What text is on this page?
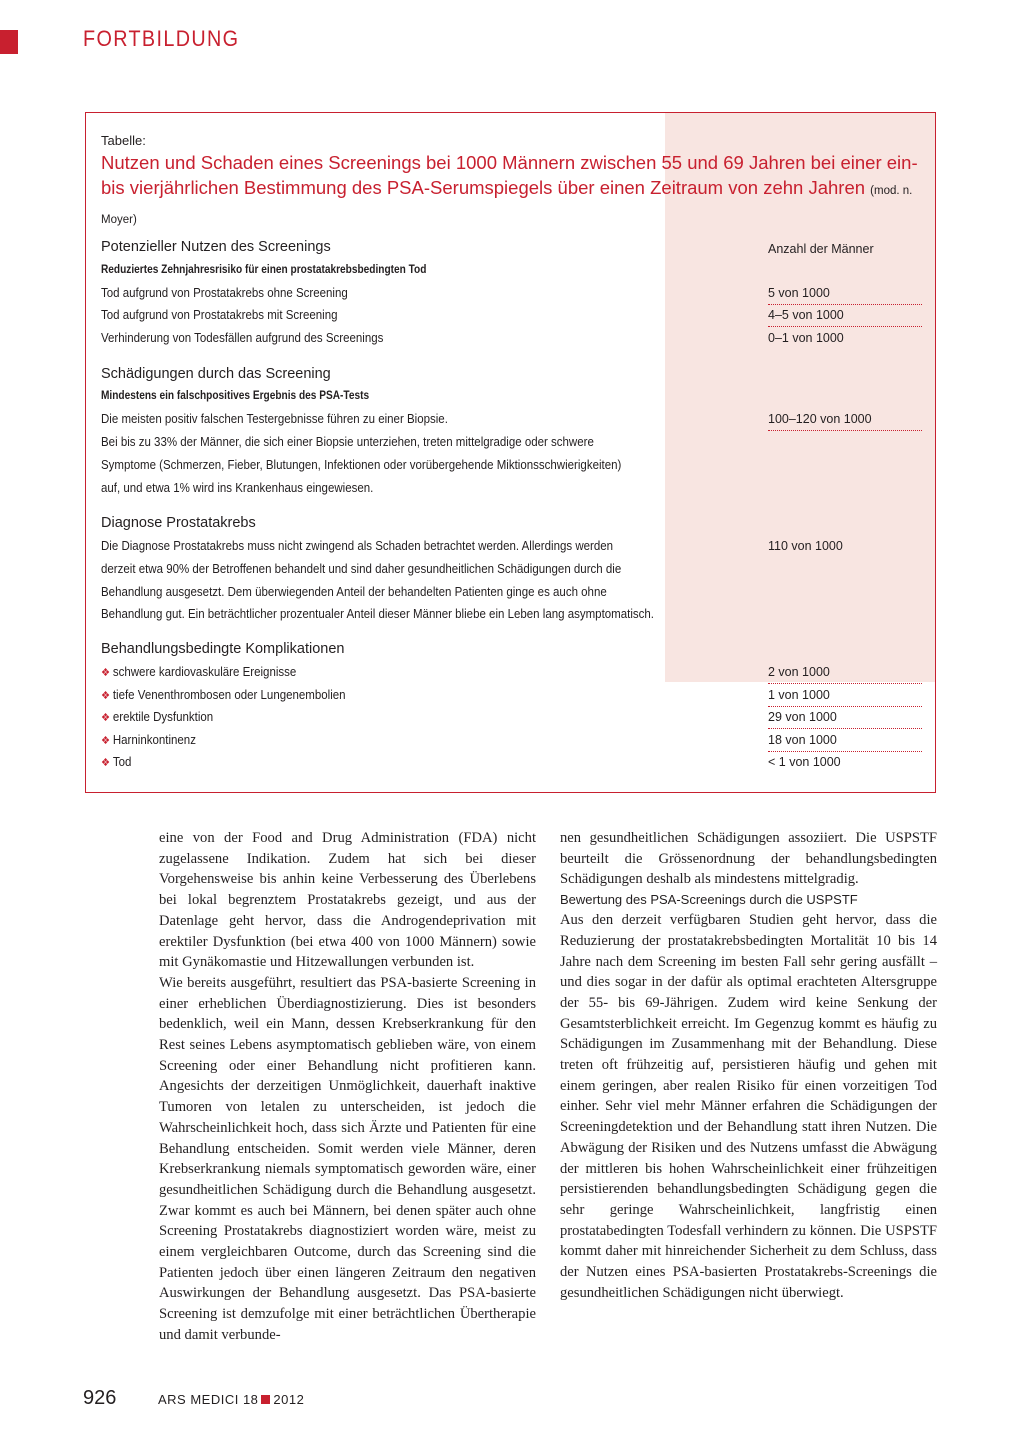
FORTBILDUNG
Tabelle:
Nutzen und Schaden eines Screenings bei 1000 Männern zwischen 55 und 69 Jahren bei einer ein- bis vierjährlichen Bestimmung des PSA-Serumspiegels über einen Zeitraum von zehn Jahren (mod. n. Moyer)
Potenzieller Nutzen des Screenings	Anzahl der Männer
Reduziertes Zehnjahresrisiko für einen prostatakrebsbedingten Tod
Tod aufgrund von Prostatakrebs ohne Screening	5 von 1000
Tod aufgrund von Prostatakrebs mit Screening	4–5 von 1000
Verhinderung von Todesfällen aufgrund des Screenings	0–1 von 1000
Schädigungen durch das Screening
Mindestens ein falschpositives Ergebnis des PSA-Tests
Die meisten positiv falschen Testergebnisse führen zu einer Biopsie.	100–120 von 1000
Bei bis zu 33% der Männer, die sich einer Biopsie unterziehen, treten mittelgradige oder schwere
Symptome (Schmerzen, Fieber, Blutungen, Infektionen oder vorübergehende Miktionsschwierigkeiten)
auf, und etwa 1% wird ins Krankenhaus eingewiesen.
Diagnose Prostatakrebs
Die Diagnose Prostatakrebs muss nicht zwingend als Schaden betrachtet werden. Allerdings werden	110 von 1000
derzeit etwa 90% der Betroffenen behandelt und sind daher gesundheitlichen Schädigungen durch die
Behandlung ausgesetzt. Dem überwiegenden Anteil der behandelten Patienten ginge es auch ohne
Behandlung gut. Ein beträchtlicher prozentualer Anteil dieser Männer bliebe ein Leben lang asymptomatisch.
Behandlungsbedingte Komplikationen
❖ schwere kardiovaskuläre Ereignisse	2 von 1000
❖ tiefe Venenthrombosen oder Lungenembolien	1 von 1000
❖ erektile Dysfunktion	29 von 1000
❖ Harninkontinenz	18 von 1000
❖ Tod	< 1 von 1000

eine von der Food and Drug Administration (FDA) nicht zugelassene Indikation. Zudem hat sich bei dieser Vorgehensweise bis anhin keine Verbesserung des Überlebens bei lokal begrenztem Prostatakrebs gezeigt, und aus der Datenlage geht hervor, dass die Androgendeprivation mit erektiler Dysfunktion (bei etwa 400 von 1000 Männern) sowie mit Gynäkomastie und Hitzewallungen verbunden ist.

Wie bereits ausgeführt, resultiert das PSA-basierte Screening in einer erheblichen Überdiagnostizierung. Dies ist besonders bedenklich, weil ein Mann, dessen Krebserkrankung für den Rest seines Lebens asymptomatisch geblieben wäre, von einem Screening oder einer Behandlung nicht profitieren kann. Angesichts der derzeitigen Unmöglichkeit, dauerhaft inaktive Tumoren von letalen zu unterscheiden, ist jedoch die Wahrscheinlichkeit hoch, dass sich Ärzte und Patienten für eine Behandlung entscheiden. Somit werden viele Männer, deren Krebserkrankung niemals symptomatisch geworden wäre, einer gesundheitlichen Schädigung durch die Behandlung ausgesetzt. Zwar kommt es auch bei Männern, bei denen später auch ohne Screening Prostatakrebs diagnostiziert worden wäre, meist zu einem vergleichbaren Outcome, durch das Screening sind die Patienten jedoch über einen längeren Zeitraum den negativen Auswirkungen der Behandlung ausgesetzt. Das PSA-basierte Screening ist demzufolge mit einer beträchtlichen Übertherapie und damit verbunde-

nen gesundheitlichen Schädigungen assoziiert. Die USPSTF beurteilt die Grössenordnung der behandlungsbedingten Schädigungen deshalb als mindestens mittelgradig.

Bewertung des PSA-Screenings durch die USPSTF

Aus den derzeit verfügbaren Studien geht hervor, dass die Reduzierung der prostatakrebsbedingten Mortalität 10 bis 14 Jahre nach dem Screening im besten Fall sehr gering ausfällt – und dies sogar in der dafür als optimal erachteten Altersgruppe der 55- bis 69-Jährigen. Zudem wird keine Senkung der Gesamtsterblichkeit erreicht. Im Gegenzug kommt es häufig zu Schädigungen im Zusammenhang mit der Behandlung. Diese treten oft frühzeitig auf, persistieren häufig und gehen mit einem geringen, aber realen Risiko für einen vorzeitigen Tod einher. Sehr viel mehr Männer erfahren die Schädigungen der Screeningdetektion und der Behandlung statt ihren Nutzen. Die Abwägung der Risiken und des Nutzens umfasst die Abwägung der mittleren bis hohen Wahrscheinlichkeit einer frühzeitigen persistierenden behandlungsbedingten Schädigung gegen die sehr geringe Wahrscheinlichkeit, langfristig einen prostatabedingten Todesfall verhindern zu können. Die USPSTF kommt daher mit hinreichender Sicherheit zu dem Schluss, dass der Nutzen eines PSA-basierten Prostatakrebs-Screenings die gesundheitlichen Schädigungen nicht überwiegt.

926	ARS MEDICI 18 2012
